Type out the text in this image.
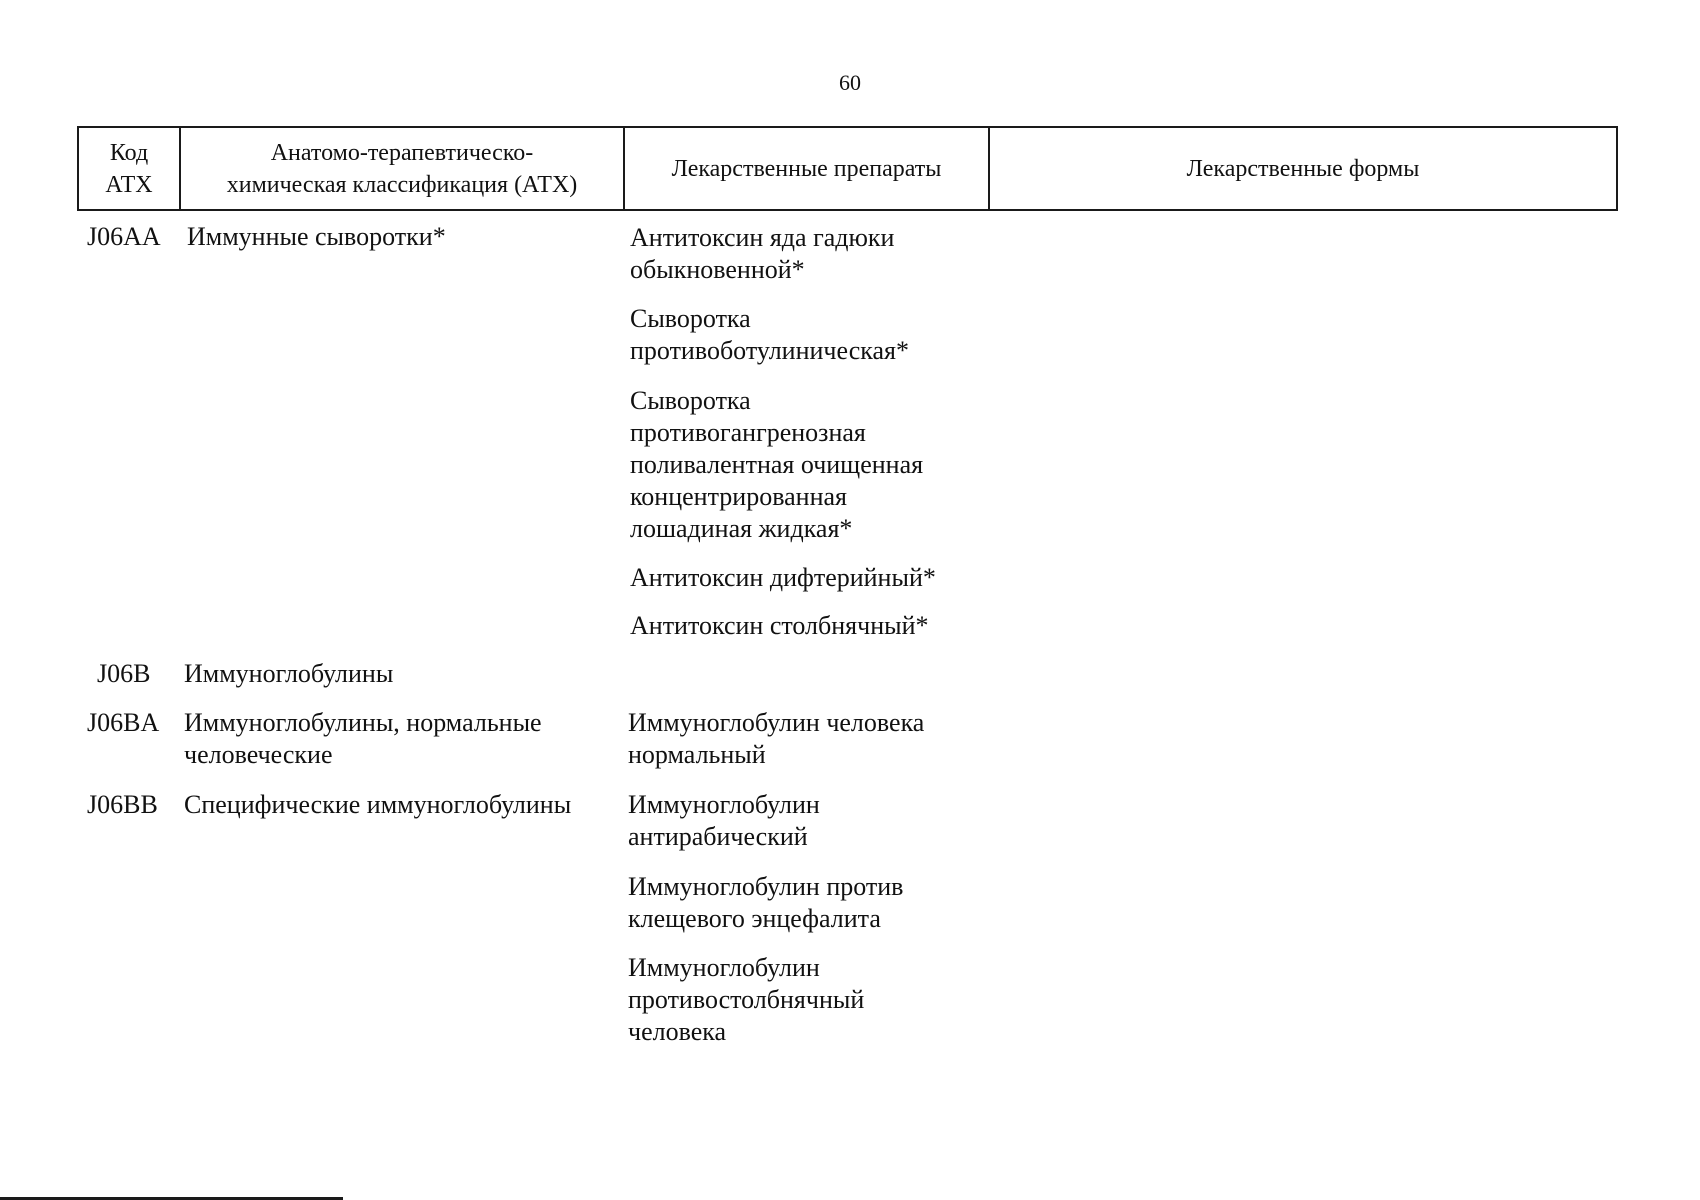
60
Код
АТХ
Анатомо-терапевтическо-
химическая классификация (АТХ)
Лекарственные препараты	Лекарственные формы
J06AA
J06B
J06BA
J06BB
Иммунные сыворотки*
Иммуноглобулины
Иммуноглобулины, нормальные
человеческие
Специфические иммуноглобулины
Антитоксин яда гадюки
обыкновенной*
Сыворотка
противоботулиническая*
Сыворотка
противогангренозная
поливалентная очищенная
концентрированная
лошадиная жидкая*
Антитоксин дифтерийный*
Антитоксин столбнячный*
Иммуноглобулин человека
нормальный
Иммуноглобулин
антирабический
Иммуноглобулин против
клещевого энцефалита
Иммуноглобулин
противостолбнячный
человека
